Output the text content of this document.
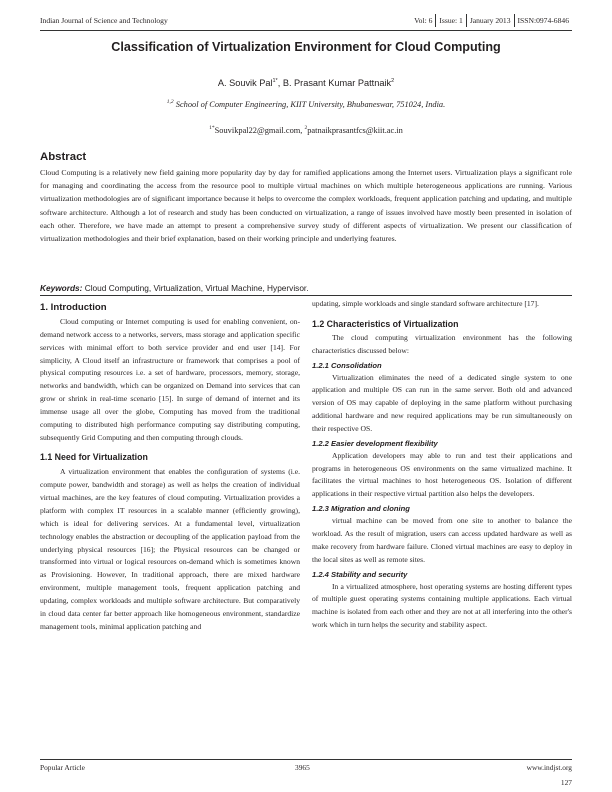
Indian Journal of Science and Technology	Vol: 6 Issue: 1 January 2013 ISSN:0974-6846
Classification of Virtualization Environment for Cloud Computing
A. Souvik Pal$^{1*}$, B. Prasant Kumar Pattnaik$^2$
$^{1,2}$ School of Computer Engineering, KIIT University, Bhubaneswar, 751024, India.
$^{1*}$Souvikpal22@gmail.com, $^2$patnaikprasantfcs@kiit.ac.in
Abstract

Cloud Computing is a relatively new field gaining more popularity day by day for ramified applications among the Internet users. Virtualization plays a significant role for managing and coordinating the access from the resource pool to multiple virtual machines on which multiple heterogeneous applications are running. Various virtualization methodologies are of significant importance because it helps to overcome the complex workloads, frequent application patching and updating, and multiple software architecture. Although a lot of research and study has been conducted on virtualization, a range of issues involved have mostly been presented in isolation of each other. Therefore, we have made an attempt to present a comprehensive survey study of different aspects of virtualization. We present our classification of virtualization methodologies and their brief explanation, based on their working principle and underlying features.

Keywords: Cloud Computing, Virtualization, Virtual Machine, Hypervisor.
1. Introduction

Cloud computing or Internet computing is used for enabling convenient, on-demand network access to a networks, servers, mass storage and application specific services with minimal effort to both service provider and end user [14]. For simplicity, A Cloud itself an infrastructure or framework that comprises a pool of physical computing resources i.e. a set of hardware, processors, memory, storage, networks and bandwidth, which can be organized on Demand into services that can grow or shrink in real-time scenario [15]. In surge of demand of internet and its immense usage all over the globe, Computing has moved from the traditional computing to distributed high performance computing say distributing computing, subsequently Grid Computing and then computing through clouds.

1.1 Need for Virtualization

A virtualization environment that enables the configuration of systems (i.e. compute power, bandwidth and storage) as well as helps the creation of individual virtual machines, are the key features of cloud computing. Virtualization provides a platform with complex IT resources in a scalable manner (efficiently growing), which is ideal for delivering services. At a fundamental level, virtualization technology enables the abstraction or decoupling of the application payload from the underlying physical resources [16]; the Physical resources can be changed or transformed into virtual or logical resources on-demand which is sometimes known as Provisioning. However, In traditional approach, there are mixed hardware environment, multiple management tools, frequent application patching and updating, complex workloads and multiple software architecture. But comparatively in cloud data center far better approach like homogeneous environment, standardize management tools, minimal application patching and

updating, simple workloads and single standard software architecture [17].

1.2 Characteristics of Virtualization

The cloud computing virtualization environment has the following characteristics discussed below:

1.2.1 Consolidation

Virtualization eliminates the need of a dedicated single system to one application and multiple OS can run in the same server. Both old and advanced version of OS may capable of deploying in the same platform without purchasing additional hardware and new required applications may be run simultaneously on their respective OS.

1.2.2 Easier development flexibility

Application developers may able to run and test their applications and programs in heterogeneous OS environments on the same virtualized machine. It facilitates the virtual machines to host heterogeneous OS. Isolation of different applications in their respective virtual partition also helps the developers.

1.2.3 Migration and cloning

virtual machine can be moved from one site to another to balance the workload. As the result of migration, users can access updated hardware as well as make recovery from hardware failure. Cloned virtual machines are easy to deploy in the local sites as well as remote sites.

1.2.4 Stability and security

In a virtualized atmosphere, host operating systems are hosting different types of multiple guest operating systems containing multiple applications. Each virtual machine is isolated from each other and they are not at all interfering into the other's work which in turn helps the security and stability aspect.

Popular Article	3965	www.indjst.org
127
